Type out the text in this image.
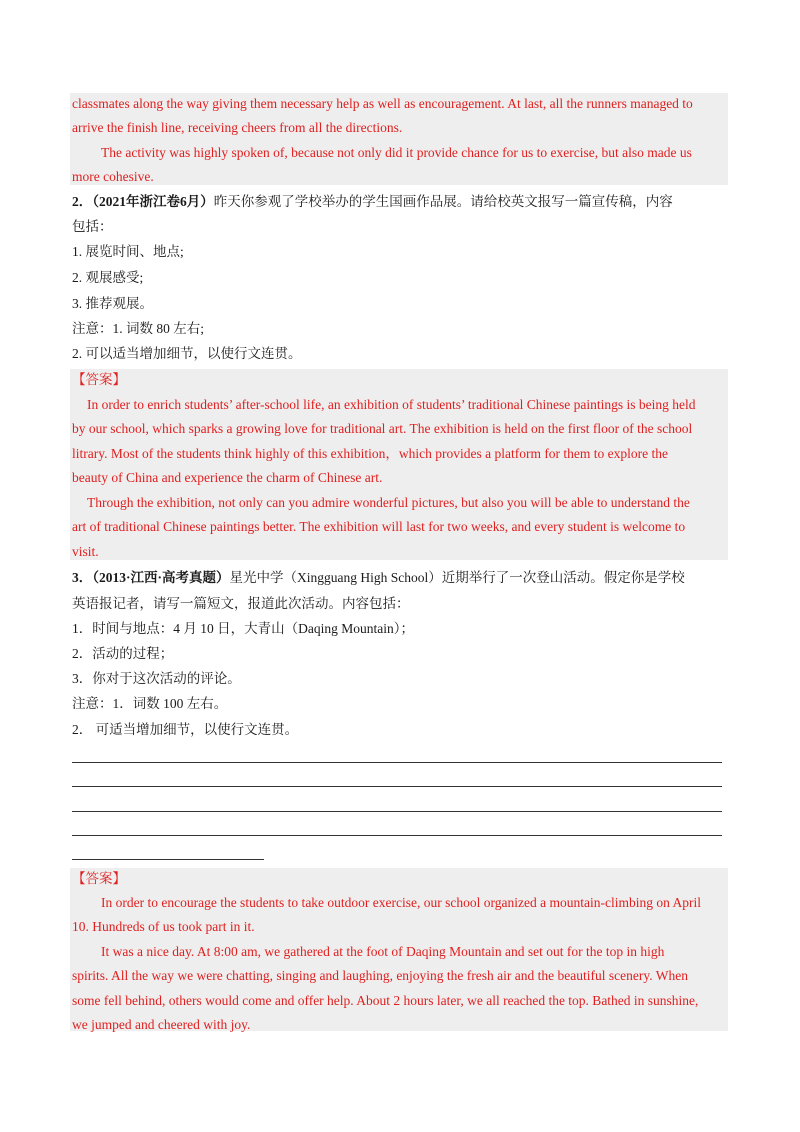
classmates along the way giving them necessary help as well as encouragement. At last, all the runners managed to
arrive the finish line, receiving cheers from all the directions.
The activity was highly spoken of, because not only did it provide chance for us to exercise, but also made us
more cohesive.
2．（2021年浙江卷6月）昨天你参观了学校举办的学生国画作品展。请给校英文报写一篇宣传稿，内容
包括：
1. 展览时间、地点;
2. 观展感受;
3. 推荐观展。
注意：1. 词数 80 左右;
2. 可以适当增加细节，以使行文连贯。
【答案】
In order to enrich students’ after-school life, an exhibition of students’ traditional Chinese paintings is being held
by our school, which sparks a growing love for traditional art. The exhibition is held on the first floor of the school
litrary. Most of the students think highly of this exhibition，which provides a platform for them to explore the
beauty of China and experience the charm of Chinese art.
Through the exhibition, not only can you admire wonderful pictures, but also you will be able to understand the
art of traditional Chinese paintings better. The exhibition will last for two weeks, and every student is welcome to
visit.
3．（2013·江西·高考真题）星光中学（Xingguang High School）近期举行了一次登山活动。假定你是学校
英语报记者，请写一篇短文，报道此次活动。内容包括：
1．时间与地点：4 月 10 日，大青山（Daqing Mountain）；
2．活动的过程；
3．你对于这次活动的评论。
注意：1．词数 100 左右。
2． 可适当增加细节，以使行文连贯。
【答案】
In order to encourage the students to take outdoor exercise, our school organized a mountain-climbing on April
10. Hundreds of us took part in it.
It was a nice day. At 8:00 am, we gathered at the foot of Daqing Mountain and set out for the top in high
spirits. All the way we were chatting, singing and laughing, enjoying the fresh air and the beautiful scenery. When
some fell behind, others would come and offer help. About 2 hours later, we all reached the top. Bathed in sunshine,
we jumped and cheered with joy.
